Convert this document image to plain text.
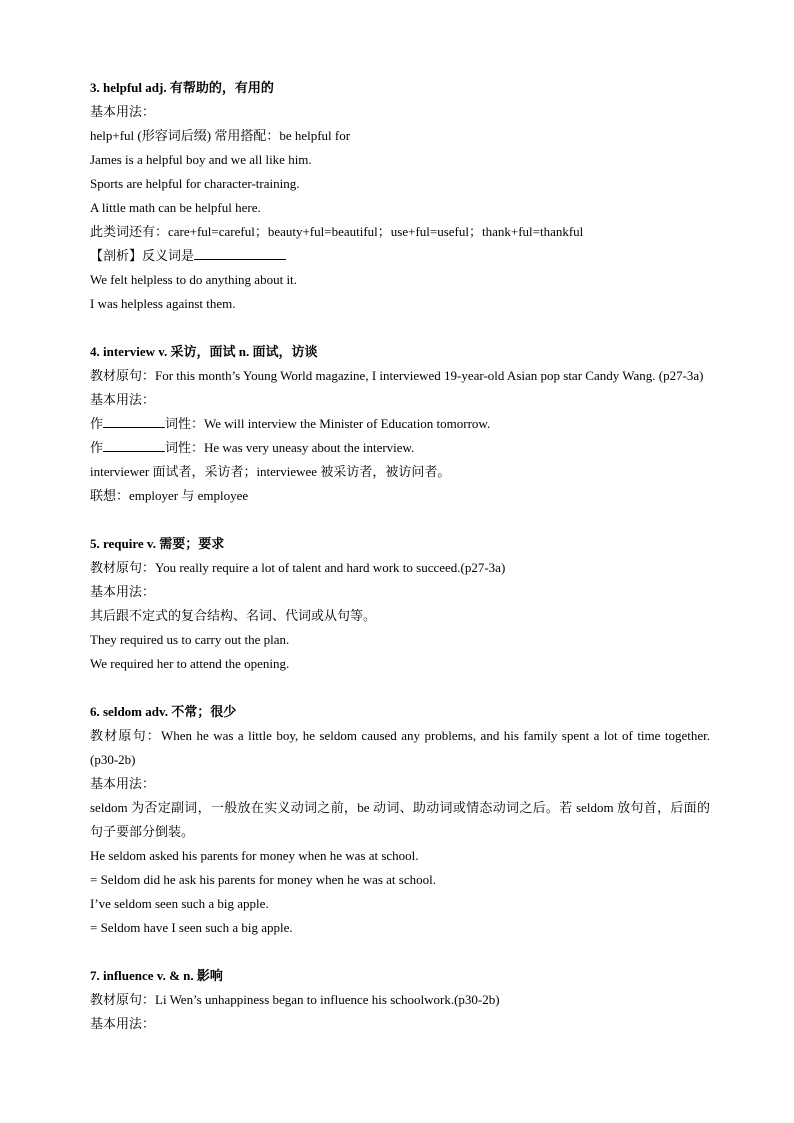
3. helpful adj. 有帮助的，有用的
基本用法：
help+ful (形容词后缀) 常用搭配：be helpful for
James is a helpful boy and we all like him.
Sports are helpful for character-training.
A little math can be helpful here.
此类词还有：care+ful=careful；beauty+ful=beautiful；use+ful=useful；thank+ful=thankful
【剖析】反义词是
We felt helpless to do anything about it.
I was helpless against them.
4. interview v. 采访，面试 n. 面试，访谈
教材原句：For this month’s Young World magazine, I interviewed 19-year-old Asian pop star Candy Wang. (p27-3a)
基本用法：
作	词性：We will interview the Minister of Education tomorrow.
作	词性：He was very uneasy about the interview.
interviewer 面试者，采访者；interviewee 被采访者，被访问者。
联想：employer 与 employee
5. require v. 需要；要求
教材原句：You really require a lot of talent and hard work to succeed.(p27-3a)
基本用法：
其后跟不定式的复合结构、名词、代词或从句等。
They required us to carry out the plan.
We required her to attend the opening.
6. seldom adv. 不常；很少
教材原句：When he was a little boy, he seldom caused any problems, and his family spent a lot of time together. (p30-2b)
基本用法：
seldom 为否定副词，一般放在实义动词之前，be 动词、助动词或情态动词之后。若 seldom 放句首，后面的句子要部分倒装。
He seldom asked his parents for money when he was at school.
= Seldom did he ask his parents for money when he was at school.
I’ve seldom seen such a big apple.
= Seldom have I seen such a big apple.
7. influence v. & n. 影响
教材原句：Li Wen’s unhappiness began to influence his schoolwork.(p30-2b)
基本用法：
